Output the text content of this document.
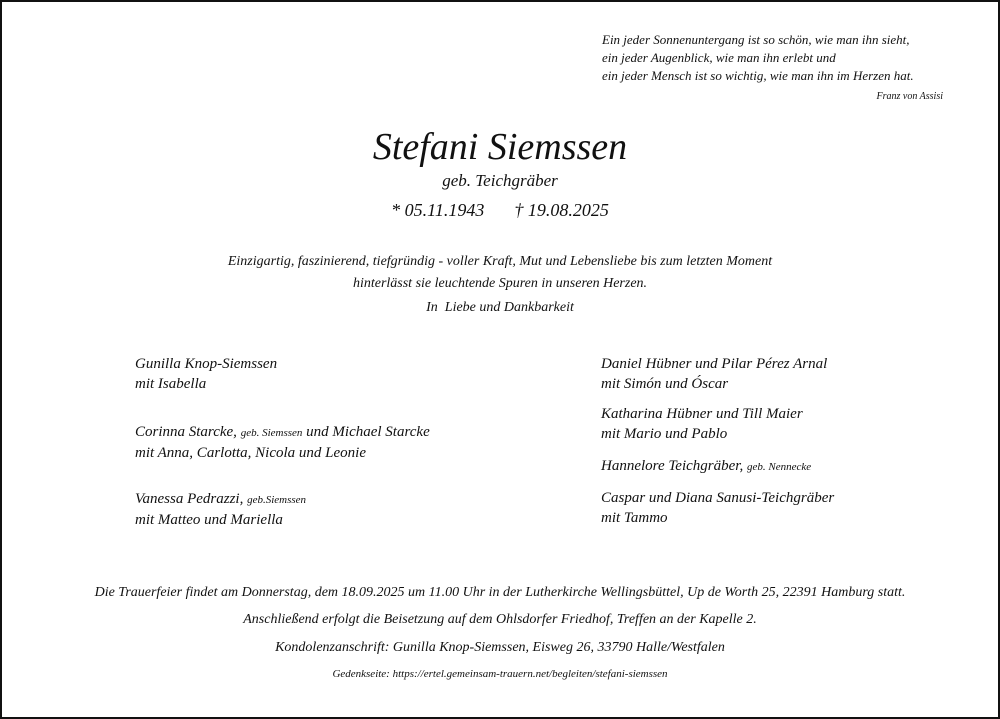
Ein jeder Sonnenuntergang ist so schön, wie man ihn sieht,
ein jeder Augenblick, wie man ihn erlebt und
ein jeder Mensch ist so wichtig, wie man ihn im Herzen hat.
Franz von Assisi
Stefani Siemssen
geb. Teichgräber
* 05.11.1943 † 19.08.2025
Einzigartig, faszinierend, tiefgründig - voller Kraft, Mut und Lebensliebe bis zum letzten Moment
hinterlässt sie leuchtende Spuren in unseren Herzen.
In  Liebe und Dankbarkeit
Gunilla Knop-Siemssen
mit Isabella
Corinna Starcke, geb. Siemssen und Michael Starcke
mit Anna, Carlotta, Nicola und Leonie
Vanessa Pedrazzi, geb.Siemssen
mit Matteo und Mariella
Daniel Hübner und Pilar Pérez Arnal
mit Simón und Óscar
Katharina Hübner und Till Maier
mit Mario und Pablo
Hannelore Teichgräber, geb. Nennecke
Caspar und Diana Sanusi-Teichgräber
mit Tammo
Die Trauerfeier findet am Donnerstag, dem 18.09.2025 um 11.00 Uhr in der Lutherkirche Wellingsbüttel, Up de Worth 25, 22391 Hamburg statt.
Anschließend erfolgt die Beisetzung auf dem Ohlsdorfer Friedhof, Treffen an der Kapelle 2.
Kondolenzanschrift: Gunilla Knop-Siemssen, Eisweg 26, 33790 Halle/Westfalen
Gedenkseite: https://ertel.gemeinsam-trauern.net/begleiten/stefani-siemssen
